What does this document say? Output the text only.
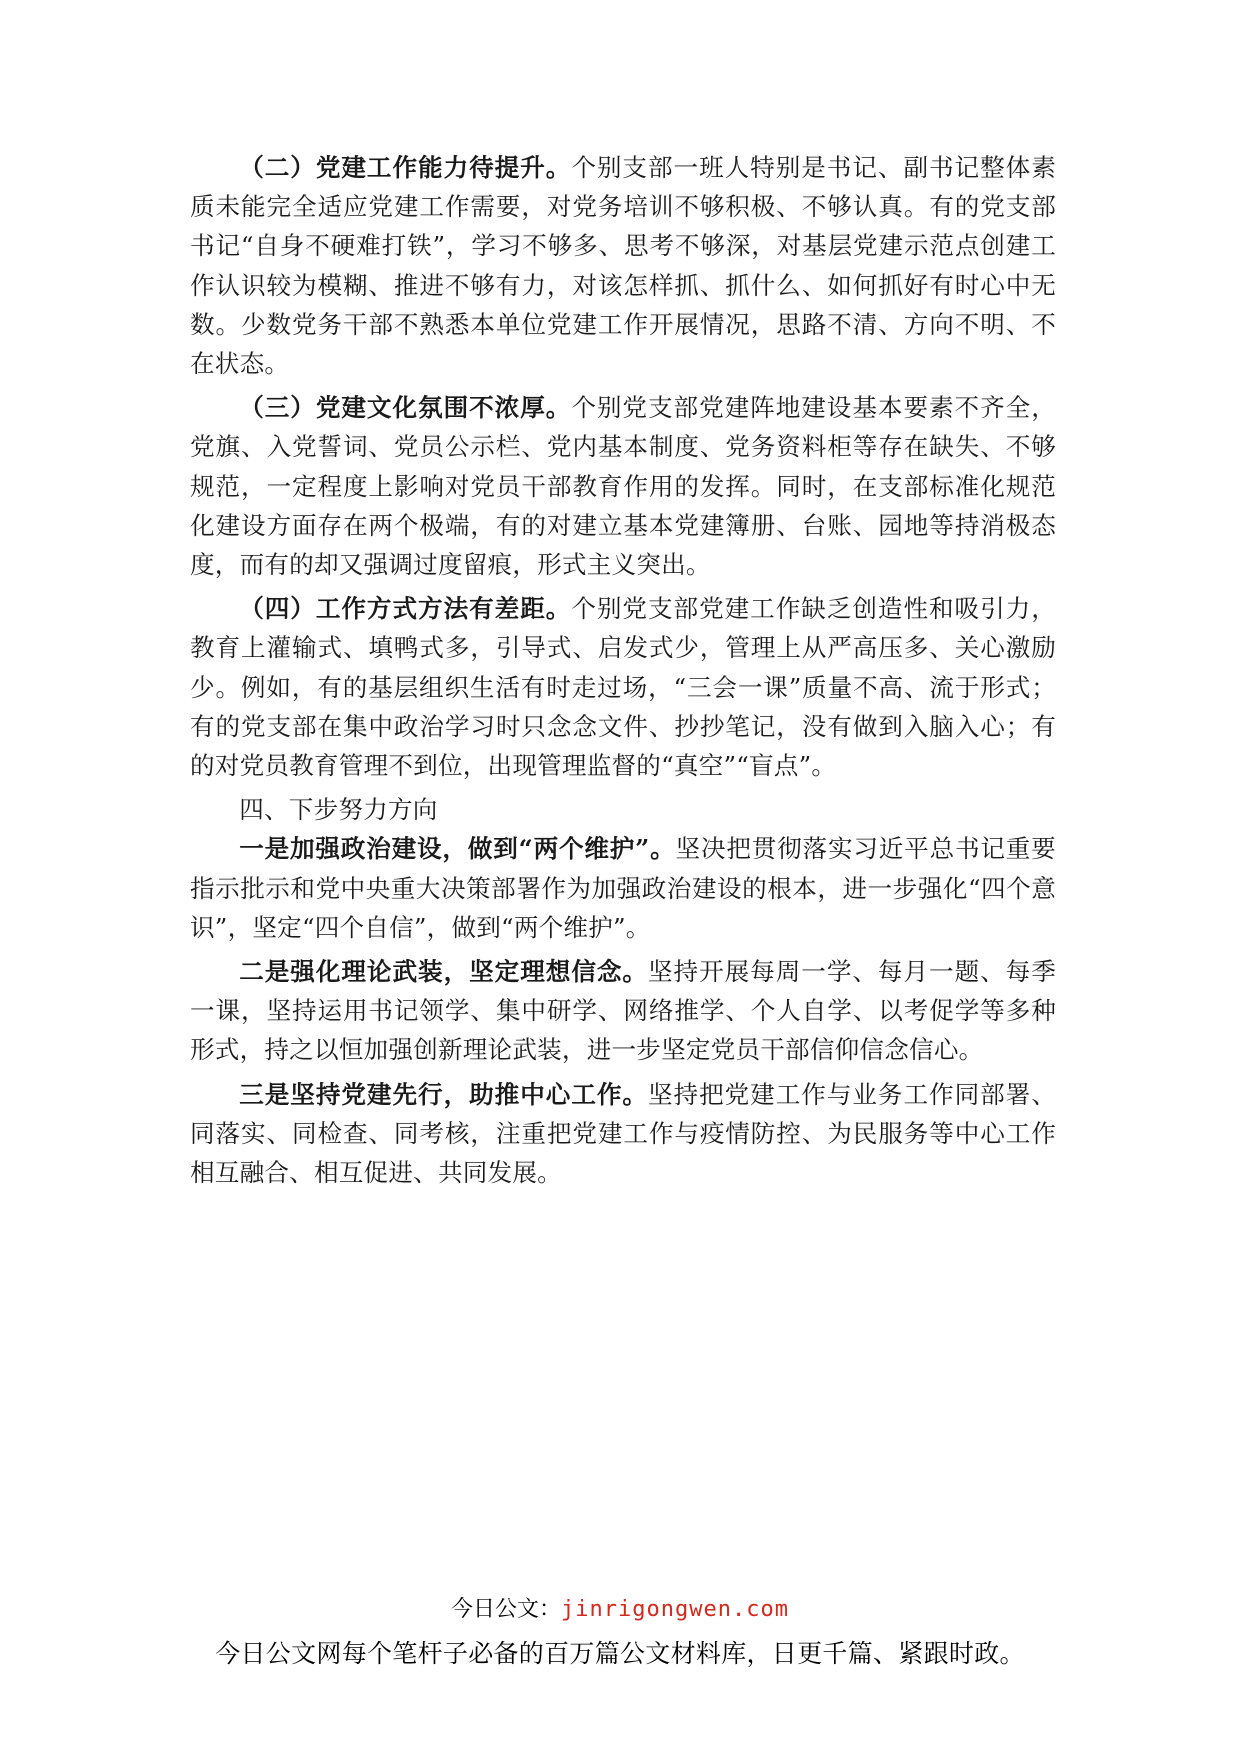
（二）党建工作能力待提升。个别支部一班人特别是书记、副书记整体素质未能完全适应党建工作需要，对党务培训不够积极、不够认真。有的党支部书记“自身不硬难打铁”，学习不够多、思考不够深，对基层党建示范点创建工作认识较为模糊、推进不够有力，对该怎样抓、抓什么、如何抓好有时心中无数。少数党务干部不熟悉本单位党建工作开展情况，思路不清、方向不明、不在状态。

（三）党建文化氛围不浓厚。个别党支部党建阵地建设基本要素不齐全，党旗、入党誓词、党员公示栏、党内基本制度、党务资料柜等存在缺失、不够规范，一定程度上影响对党员干部教育作用的发挥。同时，在支部标准化规范化建设方面存在两个极端，有的对建立基本党建簿册、台账、园地等持消极态度，而有的却又强调过度留痕，形式主义突出。

（四）工作方式方法有差距。个别党支部党建工作缺乏创造性和吸引力，教育上灌输式、填鸭式多，引导式、启发式少，管理上从严高压多、关心激励少。例如，有的基层组织生活有时走过场，“三会一课”质量不高、流于形式；有的党支部在集中政治学习时只念念文件、抄抄笔记，没有做到入脑入心；有的对党员教育管理不到位，出现管理监督的“真空”“盲点”。

四、下步努力方向

一是加强政治建设，做到“两个维护”。坚决把贯彻落实习近平总书记重要指示批示和党中央重大决策部署作为加强政治建设的根本，进一步强化“四个意识”，坚定“四个自信”，做到“两个维护”。

二是强化理论武装，坚定理想信念。坚持开展每周一学、每月一题、每季一课，坚持运用书记领学、集中研学、网络推学、个人自学、以考促学等多种形式，持之以恒加强创新理论武装，进一步坚定党员干部信仰信念信心。

三是坚持党建先行，助推中心工作。坚持把党建工作与业务工作同部署、同落实、同检查、同考核，注重把党建工作与疫情防控、为民服务等中心工作相互融合、相互促进、共同发展。

今日公文：jinrigongwen.com
今日公文网每个笔杆子必备的百万篇公文材料库，日更千篇、紧跟时政。
